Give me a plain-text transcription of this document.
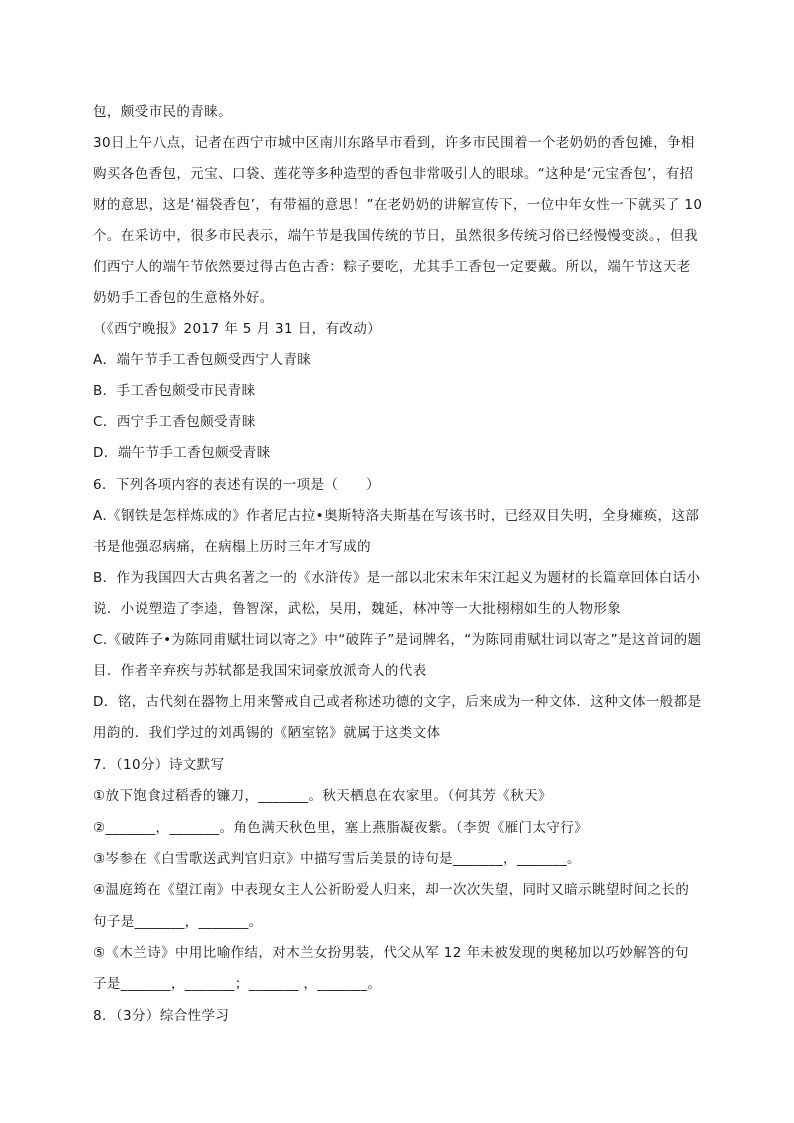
包，颇受市民的青睐。
30日上午八点，记者在西宁市城中区南川东路早市看到，许多市民围着一个老奶奶的香包摊，争相
购买各色香包，元宝、口袋、莲花等多种造型的香包非常吸引人的眼球。“这种是‘元宝香包’，有招
财的意思，这是‘福袋香包’，有带福的意思！”在老奶奶的讲解宣传下，一位中年女性一下就买了 10
个。在采访中，很多市民表示，端午节是我国传统的节日，虽然很多传统习俗已经慢慢变淡。，但我
们西宁人的端午节依然要过得古色古香：粽子要吃，尤其手工香包一定要戴。所以，端午节这天老
奶奶手工香包的生意格外好。
（《西宁晚报》2017 年 5 月 31 日，有改动）
A．端午节手工香包颇受西宁人青睐
B．手工香包颇受市民青睐
C．西宁手工香包颇受青睐
D．端午节手工香包颇受青睐
6．下列各项内容的表述有误的一项是（　　）
A.《钢铁是怎样炼成的》作者尼古拉•奥斯特洛夫斯基在写该书时，已经双目失明，全身瘫痪，这部
书是他强忍病痛，在病榻上历时三年才写成的
B．作为我国四大古典名著之一的《水浒传》是一部以北宋末年宋江起义为题材的长篇章回体白话小
说．小说塑造了李逵，鲁智深，武松，吴用，魏延，林冲等一大批栩栩如生的人物形象
C.《破阵子•为陈同甫赋壮词以寄之》中“破阵子”是词牌名，“为陈同甫赋壮词以寄之”是这首词的题
目．作者辛弃疾与苏轼都是我国宋词豪放派奇人的代表
D．铭，古代刻在器物上用来警戒自己或者称述功德的文字，后来成为一种文体．这种文体一般都是
用韵的．我们学过的刘禹锡的《陋室铭》就属于这类文体
7．（10分）诗文默写
①放下饱食过稻香的镰刀，_______。秋天栖息在农家里。（何其芳《秋天》
②_______，_______。角色满天秋色里，塞上燕脂凝夜紫。（李贺《雁门太守行》
③岑参在《白雪歌送武判官归京》中描写雪后美景的诗句是_______，_______。
④温庭筠在《望江南》中表现女主人公祈盼爱人归来，却一次次失望，同时又暗示眺望时间之长的
句子是_______，_______。
⑤《木兰诗》中用比喻作结，对木兰女扮男装，代父从军 12 年未被发现的奥秘加以巧妙解答的句
子是_______，_______；_______ ，_______。
8．（3分）综合性学习
